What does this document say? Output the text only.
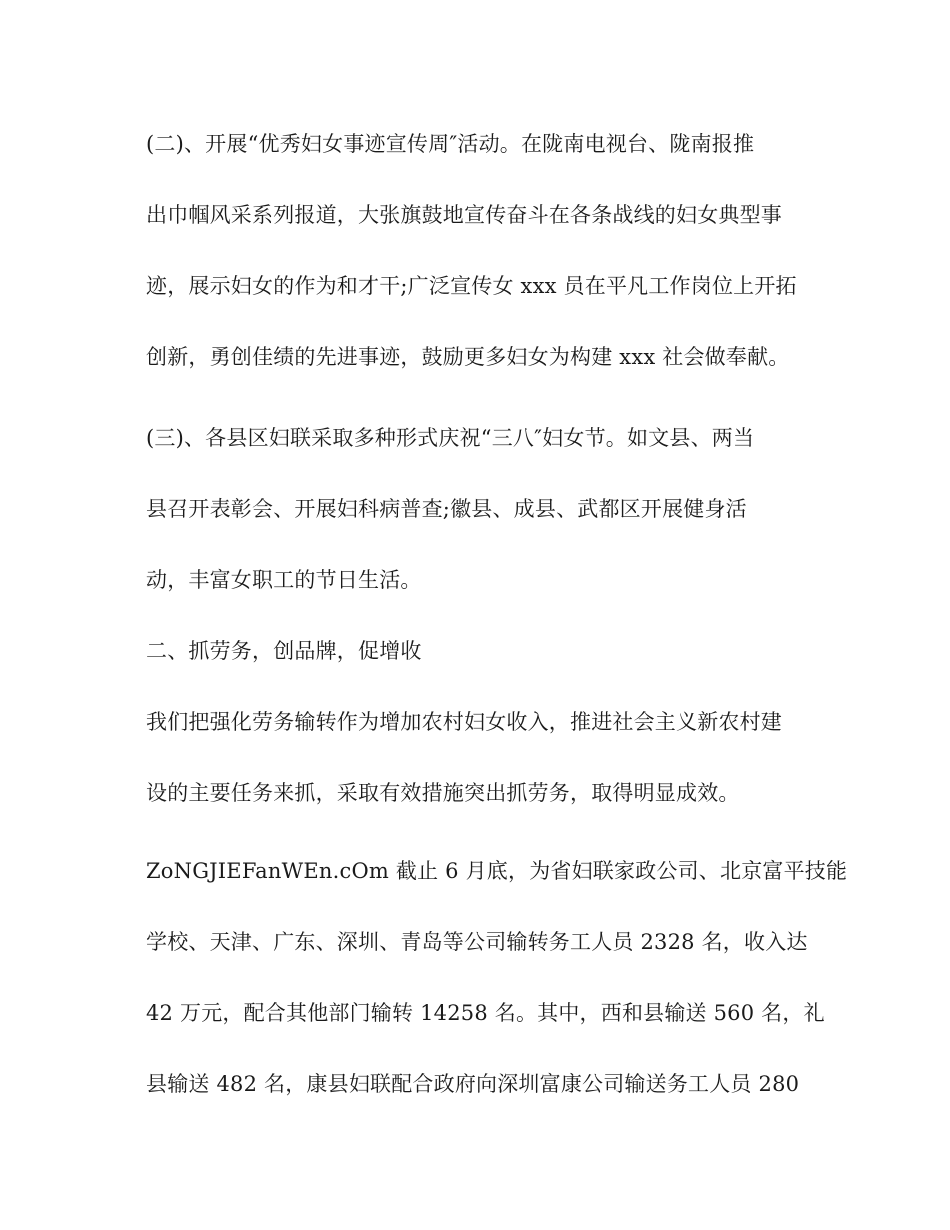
(二)、开展“优秀妇女事迹宣传周″活动。在陇南电视台、陇南报推
出巾帼风采系列报道，大张旗鼓地宣传奋斗在各条战线的妇女典型事
迹，展示妇女的作为和才干;广泛宣传女 xxx 员在平凡工作岗位上开拓
创新，勇创佳绩的先进事迹，鼓励更多妇女为构建 xxx 社会做奉献。
(三)、各县区妇联采取多种形式庆祝“三八″妇女节。如文县、两当
县召开表彰会、开展妇科病普查;徽县、成县、武都区开展健身活
动，丰富女职工的节日生活。
二、抓劳务，创品牌，促增收
我们把强化劳务输转作为增加农村妇女收入，推进社会主义新农村建
设的主要任务来抓，采取有效措施突出抓劳务，取得明显成效。
ZoNGJIEFanWEn.cOm 截止 6 月底，为省妇联家政公司、北京富平技能
学校、天津、广东、深圳、青岛等公司输转务工人员 2328 名，收入达
42 万元，配合其他部门输转 14258 名。其中，西和县输送 560 名，礼
县输送 482 名，康县妇联配合政府向深圳富康公司输送务工人员 280
